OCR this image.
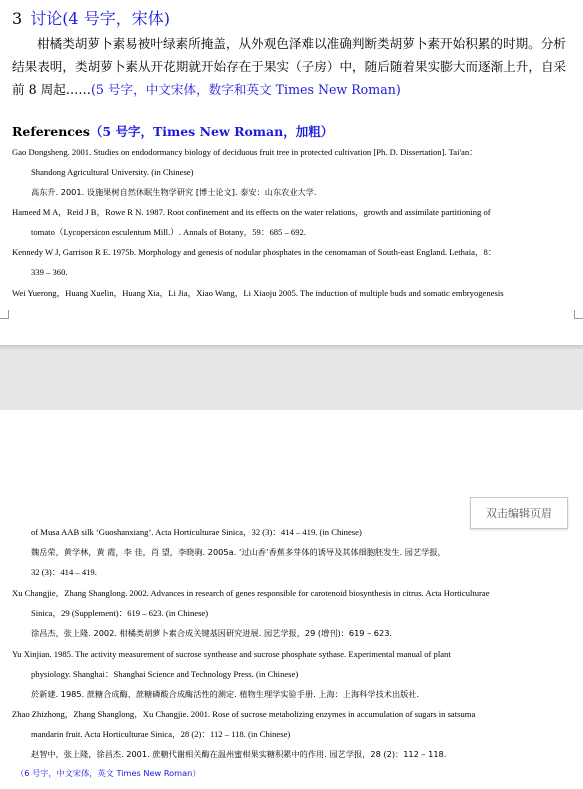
3 讨论(4 号字，宋体)
柑橘类胡萝卜素易被叶绿素所掩盖，从外观色泽难以准确判断类胡萝卜素开始积累的时期。分析结果表明，类胡萝卜素从开花期就开始存在于果实（子房）中，随后随着果实膨大而逐渐上升，自采前 8 周起……(5 号字，中文宋体，数字和英文 Times New Roman)
References（5 号字，Times New Roman，加粗）
Gao Dongsheng. 2001. Studies on endodormancy biology of deciduous fruit tree in protected cultivation [Ph. D. Dissertation]. Tai'an：
Shandong Agricultural University. (in Chinese)
高东升. 2001. 设施果树自然休眠生物学研究 [博士论文]. 泰安：山东农业大学.
Hameed M A，Reid J B，Rowe R N. 1987. Root confinement and its effects on the water relations，growth and assimilate partitioning of
tomato（Lycopersicon esculentum Mill.）. Annals of Botany，59：685 – 692.
Kennedy W J, Garrison R E. 1975b. Morphology and genesis of nodular phosphates in the cenomaman of South-east England. Lethaia，8：
339 – 360.
Wei Yuerong，Huang Xuelin，Huang Xia，Li Jia，Xiao Wang，Li Xiaoju 2005. The induction of multiple buds and somatic embryogenesis
双击编辑页眉
of Musa AAB silk ‘Guoshanxiang’. Acta Horticulturae Sinica，32 (3)：414 – 419. (in Chinese)
魏岳荣，黄学林，黄 霞，李 佳，肖 望，李晓驹. 2005a. ‘过山香’香蕉多芽体的诱导及其体细胞胚发生. 园艺学报，
32 (3)：414 – 419.
Xu Changjie，Zhang Shanglong. 2002. Advances in research of genes responsible for carotenoid biosynthesis in citrus. Acta Horticulturae
Sinica，29 (Supplement)：619 – 623. (in Chinese)
徐昌杰，张上隆. 2002. 柑橘类胡萝卜素合成关键基因研究进展. 园艺学报，29 (增刊)：619 – 623.
Yu Xinjian. 1985. The activity measurement of sucrose synthease and sucrose phosphate sythase. Experimental manual of plant
physiology. Shanghai：Shanghai Science and Technology Press. (in Chinese)
於新建. 1985. 蔗糖合成酶、蔗糖磷酸合成酶活性的测定. 植物生理学实验手册. 上海：上海科学技术出版社.
Zhao Zhizhong，Zhang Shanglong，Xu Changjie. 2001. Rose of sucrose metabolizing enzymes in accumulation of sugars in satsuma
mandarin fruit. Acta Horticulturae Sinica，28 (2)：112 – 118. (in Chinese)
赵智中，张上隆，徐昌杰. 2001. 蔗糖代谢相关酶在温州蜜柑果实糖积累中的作用. 园艺学报，28 (2)：112 – 118.
（6 号字，中文宋体，英文 Times New Roman）
